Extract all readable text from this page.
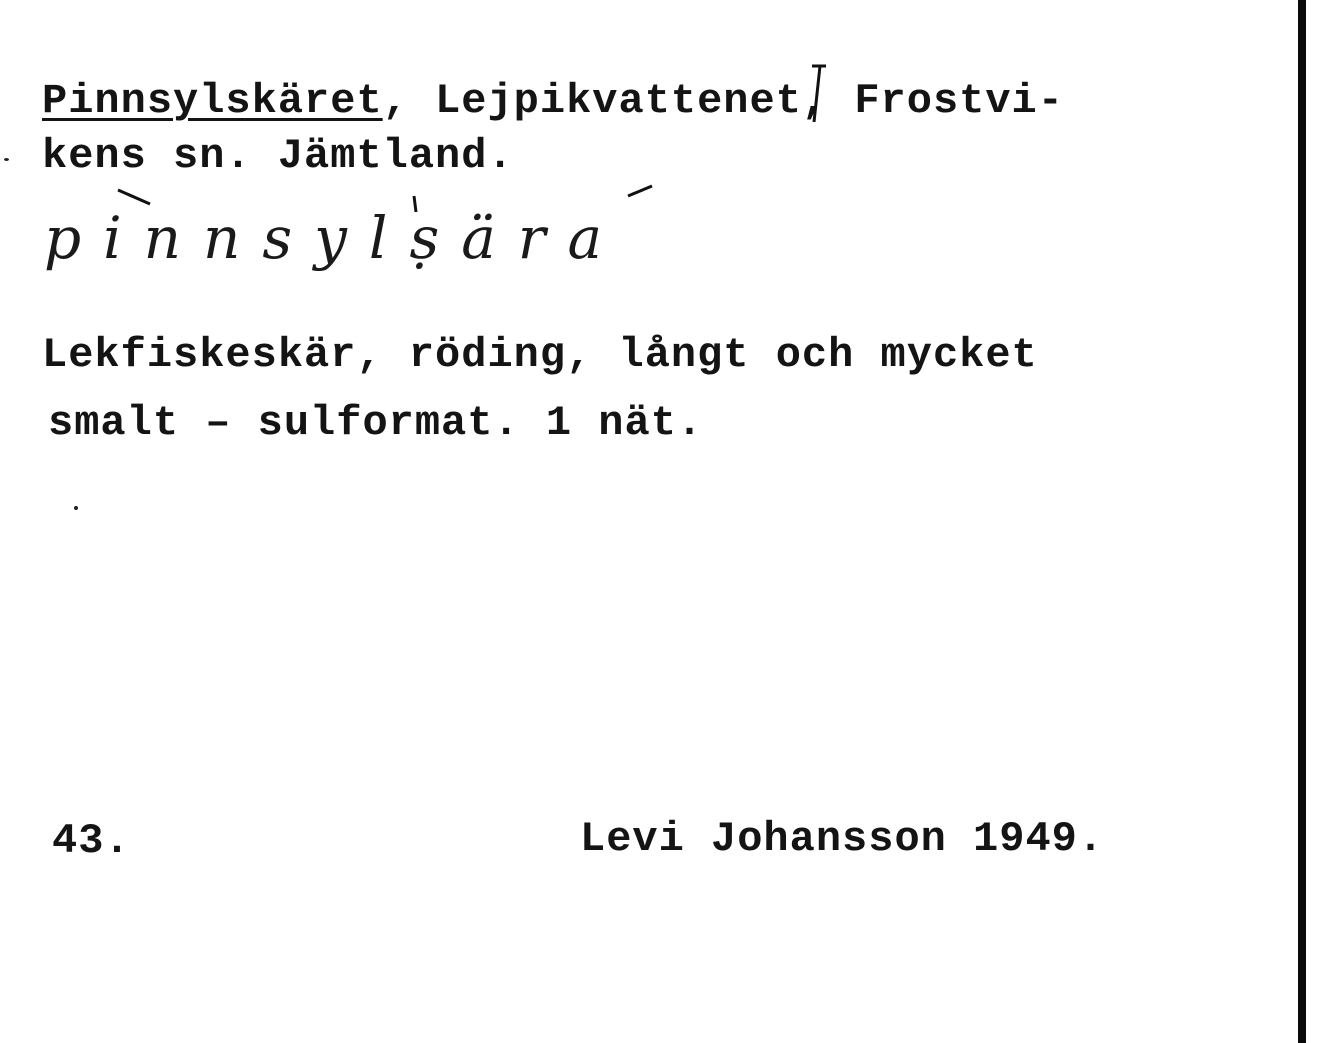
Pinnsylskäret, Lejpikvattenet, Frostvi-
kens sn. Jämtland.
pinnsylṣära
Lekfiskeskär, röding, långt och mycket
smalt – sulformat. 1 nät.
43.	Levi Johansson 1949.
